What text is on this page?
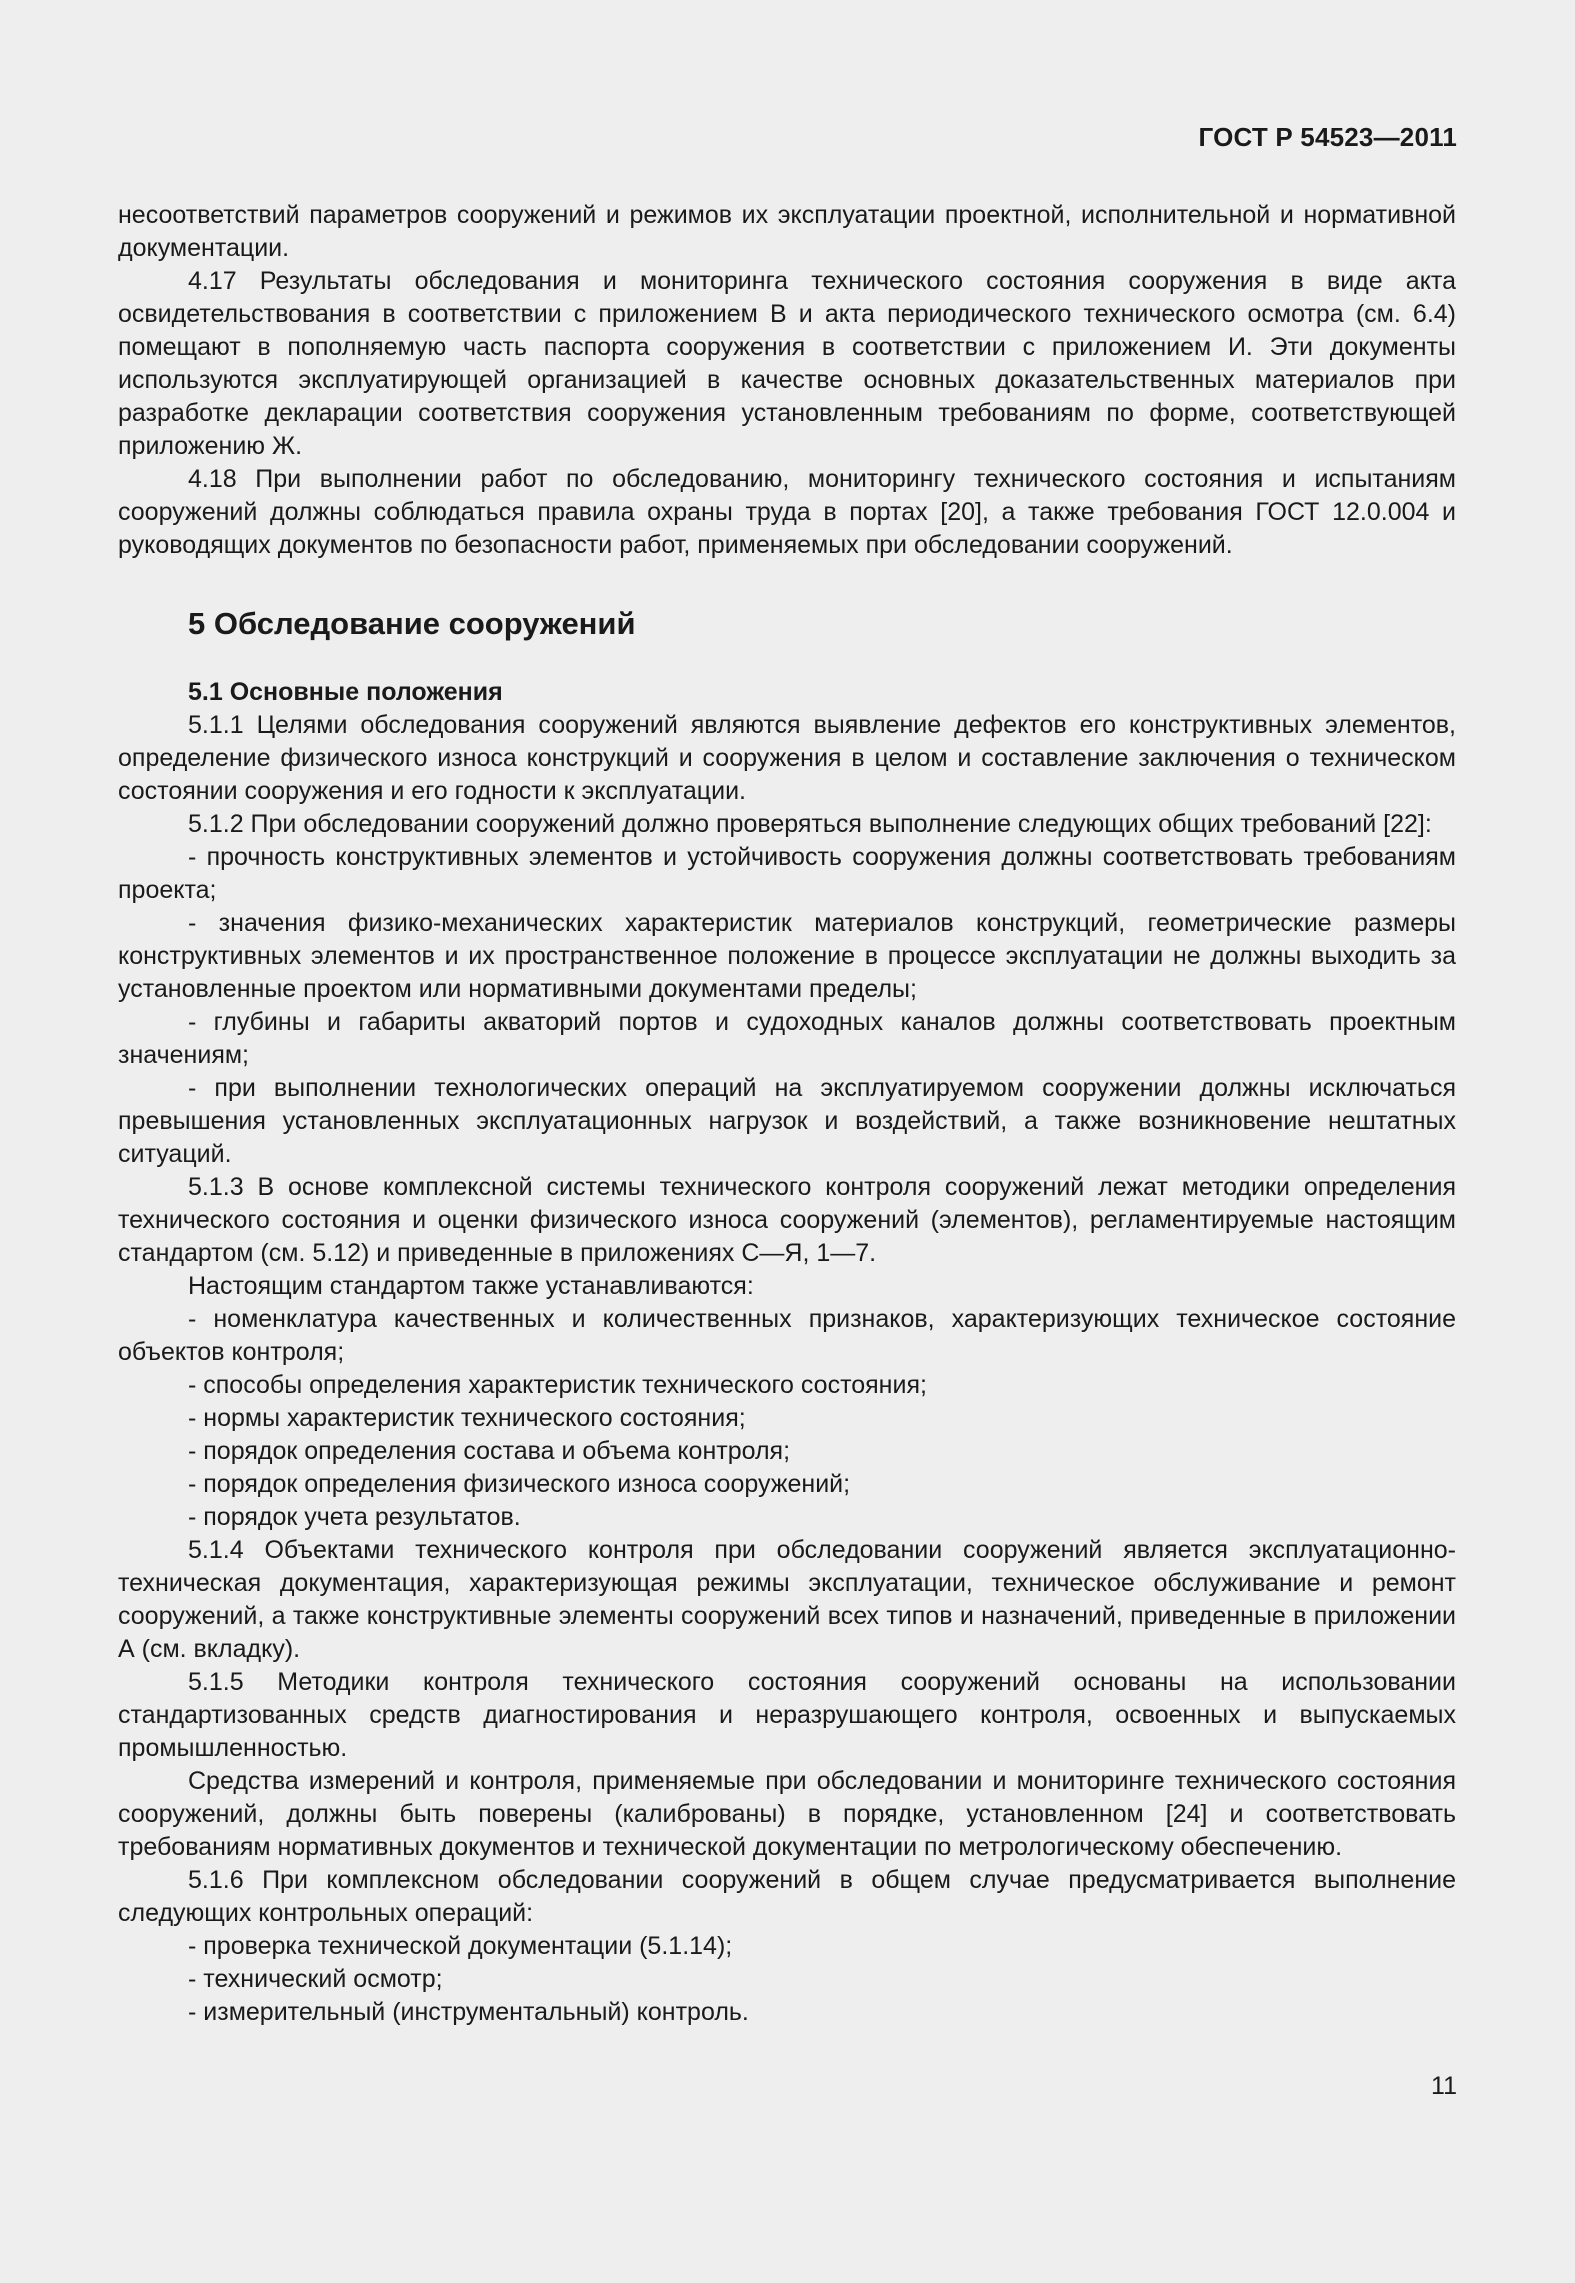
ГОСТ Р 54523—2011

несоответствий параметров сооружений и режимов их эксплуатации проектной, исполнительной и нормативной документации.

4.17 Результаты обследования и мониторинга технического состояния сооружения в виде акта освидетельствования в соответствии с приложением В и акта периодического технического осмотра (см. 6.4) помещают в пополняемую часть паспорта сооружения в соответствии с приложением И. Эти документы используются эксплуатирующей организацией в качестве основных доказательственных материалов при разработке декларации соответствия сооружения установленным требованиям по форме, соответствующей приложению Ж.

4.18 При выполнении работ по обследованию, мониторингу технического состояния и испытаниям сооружений должны соблюдаться правила охраны труда в портах [20], а также требования ГОСТ 12.0.004 и руководящих документов по безопасности работ, применяемых при обследовании сооружений.

5 Обследование сооружений
5.1 Основные положения

5.1.1 Целями обследования сооружений являются выявление дефектов его конструктивных элементов, определение физического износа конструкций и сооружения в целом и составление заключения о техническом состоянии сооружения и его годности к эксплуатации.

5.1.2 При обследовании сооружений должно проверяться выполнение следующих общих требований [22]:

- прочность конструктивных элементов и устойчивость сооружения должны соответствовать требованиям проекта;

- значения физико-механических характеристик материалов конструкций, геометрические размеры конструктивных элементов и их пространственное положение в процессе эксплуатации не должны выходить за установленные проектом или нормативными документами пределы;

- глубины и габариты акваторий портов и судоходных каналов должны соответствовать проектным значениям;

- при выполнении технологических операций на эксплуатируемом сооружении должны исключаться превышения установленных эксплуатационных нагрузок и воздействий, а также возникновение нештатных ситуаций.

5.1.3 В основе комплексной системы технического контроля сооружений лежат методики определения технического состояния и оценки физического износа сооружений (элементов), регламентируемые настоящим стандартом (см. 5.12) и приведенные в приложениях С—Я, 1—7.

Настоящим стандартом также устанавливаются:

- номенклатура качественных и количественных признаков, характеризующих техническое состояние объектов контроля;

- способы определения характеристик технического состояния;

- нормы характеристик технического состояния;

- порядок определения состава и объема контроля;

- порядок определения физического износа сооружений;

- порядок учета результатов.

5.1.4 Объектами технического контроля при обследовании сооружений является эксплуатационно-техническая документация, характеризующая режимы эксплуатации, техническое обслуживание и ремонт сооружений, а также конструктивные элементы сооружений всех типов и назначений, приведенные в приложении А (см. вкладку).

5.1.5 Методики контроля технического состояния сооружений основаны на использовании стандартизованных средств диагностирования и неразрушающего контроля, освоенных и выпускаемых промышленностью.

Средства измерений и контроля, применяемые при обследовании и мониторинге технического состояния сооружений, должны быть поверены (калиброваны) в порядке, установленном [24] и соответствовать требованиям нормативных документов и технической документации по метрологическому обеспечению.

5.1.6 При комплексном обследовании сооружений в общем случае предусматривается выполнение следующих контрольных операций:

- проверка технической документации (5.1.14);

- технический осмотр;

- измерительный (инструментальный) контроль.

11
